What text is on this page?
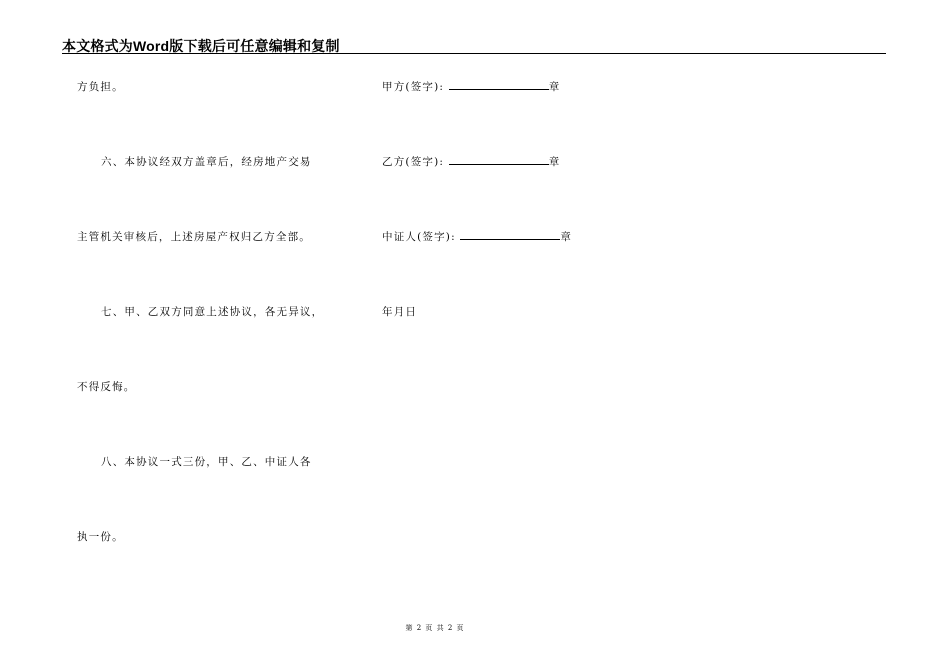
本文格式为Word版下载后可任意编辑和复制
方负担。
六、本协议经双方盖章后，经房地产交易
主管机关审核后，上述房屋产权归乙方全部。
七、甲、乙双方同意上述协议，各无异议，
不得反悔。
八、本协议一式三份，甲、乙、中证人各
执一份。
甲方(签字):	章
乙方(签字):	章
中证人(签字):	章
年月日
第 2 页 共 2 页
